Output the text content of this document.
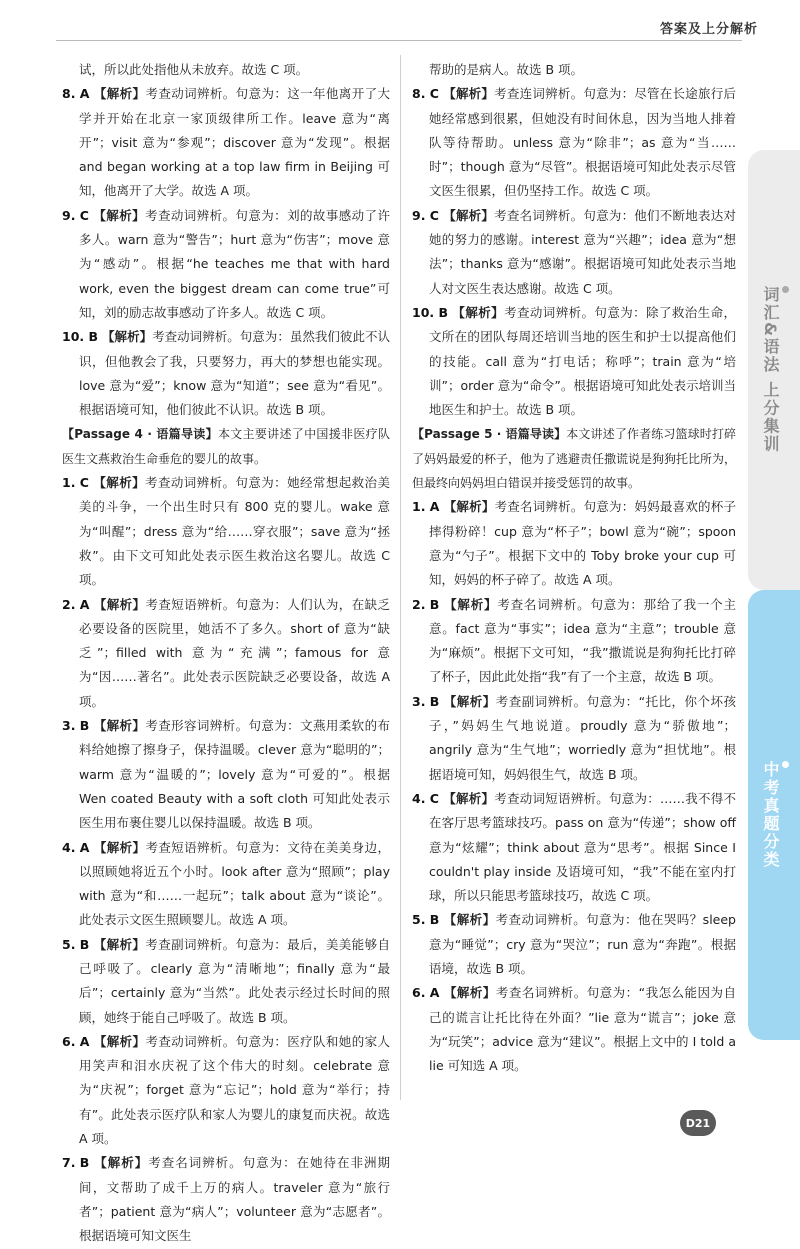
答案及上分解析

试，所以此处指他从未放弃。故选 C 项。

8. A 【解析】考查动词辨析。句意为：这一年他离开了大学并开始在北京一家顶级律所工作。leave 意为“离开”；visit 意为“参观”；discover 意为“发现”。根据 and began working at a top law firm in Beijing 可知，他离开了大学。故选 A 项。

9. C 【解析】考查动词辨析。句意为：刘的故事感动了许多人。warn 意为“警告”；hurt 意为“伤害”；move 意为“感动”。根据“he teaches me that with hard work, even the biggest dream can come true”可知，刘的励志故事感动了许多人。故选 C 项。

10. B 【解析】考查动词辨析。句意为：虽然我们彼此不认识，但他教会了我，只要努力，再大的梦想也能实现。love 意为“爱”；know 意为“知道”；see 意为“看见”。根据语境可知，他们彼此不认识。故选 B 项。

【Passage 4 · 语篇导读】本文主要讲述了中国援非医疗队医生文燕救治生命垂危的婴儿的故事。

1. C 【解析】考查动词辨析。句意为：她经常想起救治美美的斗争，一个出生时只有 800 克的婴儿。wake 意为“叫醒”；dress 意为“给……穿衣服”；save 意为“拯救”。由下文可知此处表示医生救治这名婴儿。故选 C 项。

2. A 【解析】考查短语辨析。句意为：人们认为，在缺乏必要设备的医院里，她活不了多久。short of 意为“缺乏”；filled with 意为“充满”；famous for 意为“因……著名”。此处表示医院缺乏必要设备，故选 A 项。

3. B 【解析】考查形容词辨析。句意为：文燕用柔软的布料给她擦了擦身子，保持温暖。clever 意为“聪明的”；warm 意为“温暖的”；lovely 意为“可爱的”。根据 Wen coated Beauty with a soft cloth 可知此处表示医生用布裹住婴儿以保持温暖。故选 B 项。

4. A 【解析】考查短语辨析。句意为：文待在美美身边，以照顾她将近五个小时。look after 意为“照顾”；play with 意为“和……一起玩”；talk about 意为“谈论”。此处表示文医生照顾婴儿。故选 A 项。

5. B 【解析】考查副词辨析。句意为：最后，美美能够自己呼吸了。clearly 意为“清晰地”；finally 意为“最后”；certainly 意为“当然”。此处表示经过长时间的照顾，她终于能自己呼吸了。故选 B 项。

6. A 【解析】考查动词辨析。句意为：医疗队和她的家人用笑声和泪水庆祝了这个伟大的时刻。celebrate 意为“庆祝”；forget 意为“忘记”；hold 意为“举行；持有”。此处表示医疗队和家人为婴儿的康复而庆祝。故选 A 项。

7. B 【解析】考查名词辨析。句意为：在她待在非洲期间，文帮助了成千上万的病人。traveler 意为“旅行者”；patient 意为“病人”；volunteer 意为“志愿者”。根据语境可知文医生

帮助的是病人。故选 B 项。

8. C 【解析】考查连词辨析。句意为：尽管在长途旅行后她经常感到很累，但她没有时间休息，因为当地人排着队等待帮助。unless 意为“除非”；as 意为“当……时”；though 意为“尽管”。根据语境可知此处表示尽管文医生很累，但仍坚持工作。故选 C 项。

9. C 【解析】考查名词辨析。句意为：他们不断地表达对她的努力的感谢。interest 意为“兴趣”；idea 意为“想法”；thanks 意为“感谢”。根据语境可知此处表示当地人对文医生表达感谢。故选 C 项。

10. B 【解析】考查动词辨析。句意为：除了救治生命，文所在的团队每周还培训当地的医生和护士以提高他们的技能。call 意为“打电话；称呼”；train 意为“培训”；order 意为“命令”。根据语境可知此处表示培训当地医生和护士。故选 B 项。

【Passage 5 · 语篇导读】本文讲述了作者练习篮球时打碎了妈妈最爱的杯子，他为了逃避责任撒谎说是狗狗托比所为，但最终向妈妈坦白错误并接受惩罚的故事。

1. A 【解析】考查名词辨析。句意为：妈妈最喜欢的杯子摔得粉碎！cup 意为“杯子”；bowl 意为“碗”；spoon 意为“勺子”。根据下文中的 Toby broke your cup 可知，妈妈的杯子碎了。故选 A 项。

2. B 【解析】考查名词辨析。句意为：那给了我一个主意。fact 意为“事实”；idea 意为“主意”；trouble 意为“麻烦”。根据下文可知，“我”撒谎说是狗狗托比打碎了杯子，因此此处指“我”有了一个主意，故选 B 项。

3. B 【解析】考查副词辨析。句意为：“托比，你个坏孩子，”妈妈生气地说道。proudly 意为“骄傲地”；angrily 意为“生气地”；worriedly 意为“担忧地”。根据语境可知，妈妈很生气，故选 B 项。

4. C 【解析】考查动词短语辨析。句意为：……我不得不在客厅思考篮球技巧。pass on 意为“传递”；show off 意为“炫耀”；think about 意为“思考”。根据 Since I couldn't play inside 及语境可知，“我”不能在室内打球，所以只能思考篮球技巧，故选 C 项。

5. B 【解析】考查动词辨析。句意为：他在哭吗？sleep 意为“睡觉”；cry 意为“哭泣”；run 意为“奔跑”。根据语境，故选 B 项。

6. A 【解析】考查名词辨析。句意为：“我怎么能因为自己的谎言让托比待在外面？”lie 意为“谎言”；joke 意为“玩笑”；advice 意为“建议”。根据上文中的 I told a lie 可知选 A 项。

词汇&语法 上分集训
中考真题分类
D21
